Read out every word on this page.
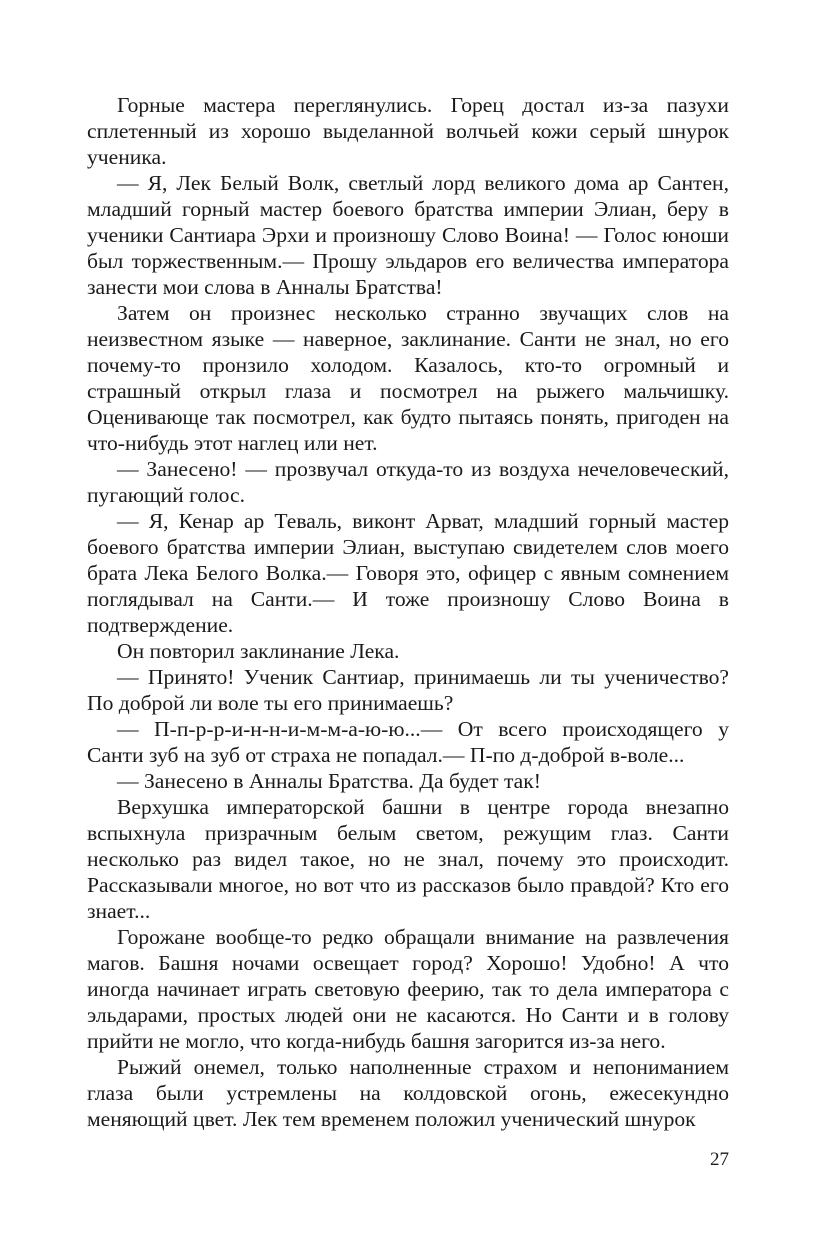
Горные мастера переглянулись. Горец достал из-за пазухи сплетенный из хорошо выделанной волчьей кожи серый шнурок ученика.

— Я, Лек Белый Волк, светлый лорд великого дома ар Сантен, младший горный мастер боевого братства империи Элиан, беру в ученики Сантиара Эрхи и произношу Слово Воина! — Голос юноши был торжественным.— Прошу эльдаров его величества императора занести мои слова в Анналы Братства!

Затем он произнес несколько странно звучащих слов на неизвестном языке — наверное, заклинание. Санти не знал, но его почему-то пронзило холодом. Казалось, кто-то огромный и страшный открыл глаза и посмотрел на рыжего мальчишку. Оценивающе так посмотрел, как будто пытаясь понять, пригоден на что-нибудь этот наглец или нет.

— Занесено! — прозвучал откуда-то из воздуха нечеловеческий, пугающий голос.

— Я, Кенар ар Теваль, виконт Арват, младший горный мастер боевого братства империи Элиан, выступаю свидетелем слов моего брата Лека Белого Волка.— Говоря это, офицер с явным сомнением поглядывал на Санти.— И тоже произношу Слово Воина в подтверждение.

Он повторил заклинание Лека.

— Принято! Ученик Сантиар, принимаешь ли ты ученичество? По доброй ли воле ты его принимаешь?

— П-п-р-р-и-н-н-и-м-м-а-ю-ю...— От всего происходящего у Санти зуб на зуб от страха не попадал.— П-по д-доброй в-воле...

— Занесено в Анналы Братства. Да будет так!

Верхушка императорской башни в центре города внезапно вспыхнула призрачным белым светом, режущим глаз. Санти несколько раз видел такое, но не знал, почему это происходит. Рассказывали многое, но вот что из рассказов было правдой? Кто его знает...

Горожане вообще-то редко обращали внимание на развлечения магов. Башня ночами освещает город? Хорошо! Удобно! А что иногда начинает играть световую феерию, так то дела императора с эльдарами, простых людей они не касаются. Но Санти и в голову прийти не могло, что когда-нибудь башня загорится из-за него.

Рыжий онемел, только наполненные страхом и непониманием глаза были устремлены на колдовской огонь, ежесекундно меняющий цвет. Лек тем временем положил ученический шнурок

27
